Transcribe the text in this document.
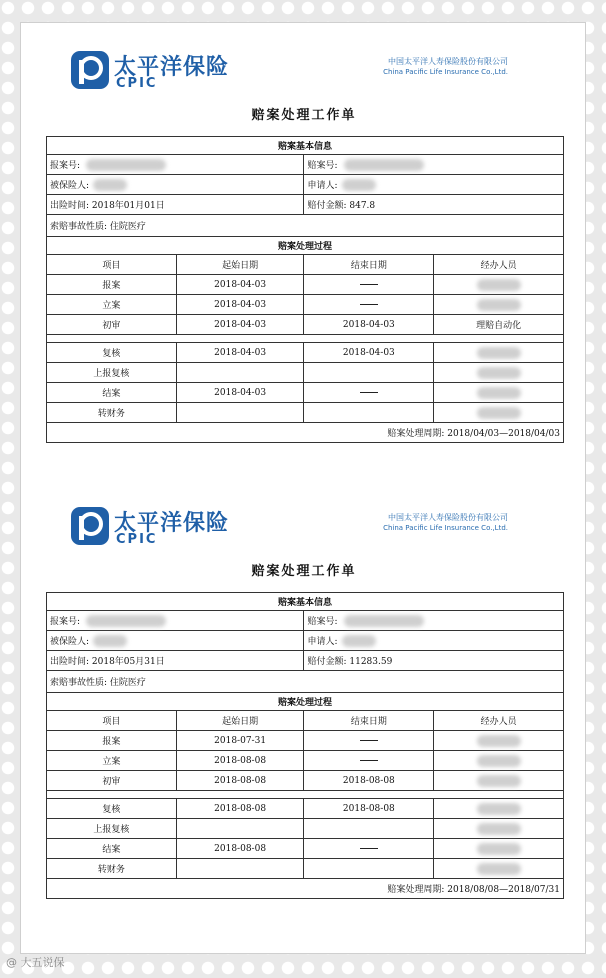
太平洋保险
CPIC
中国太平洋人寿保险股份有限公司
China Pacific Life Insurance Co.,Ltd.
赔案处理工作单
赔案基本信息			
报案号:		赔案号:	
被保险人:		申请人:	
出险时间: 2018年01月01日		赔付金额: 847.8	
索赔事故性质: 住院医疗			
赔案处理过程			
项目	起始日期	结束日期	经办人员
报案	2018-04-03		
立案	2018-04-03		
初审	2018-04-03	2018-04-03	理赔自动化

复核	2018-04-03	2018-04-03	
上报复核			
结案	2018-04-03		
转财务			
赔案处理周期: 2018/04/03—2018/04/03			
太平洋保险
CPIC
中国太平洋人寿保险股份有限公司
China Pacific Life Insurance Co.,Ltd.
赔案处理工作单
赔案基本信息			
报案号:		赔案号:	
被保险人:		申请人:	
出险时间: 2018年05月31日		赔付金额: 11283.59	
索赔事故性质: 住院医疗			
赔案处理过程			
项目	起始日期	结束日期	经办人员
报案	2018-07-31		
立案	2018-08-08		
初审	2018-08-08	2018-08-08	

复核	2018-08-08	2018-08-08	
上报复核			
结案	2018-08-08		
转财务			
赔案处理周期: 2018/08/08—2018/07/31			
@ 大五说保
